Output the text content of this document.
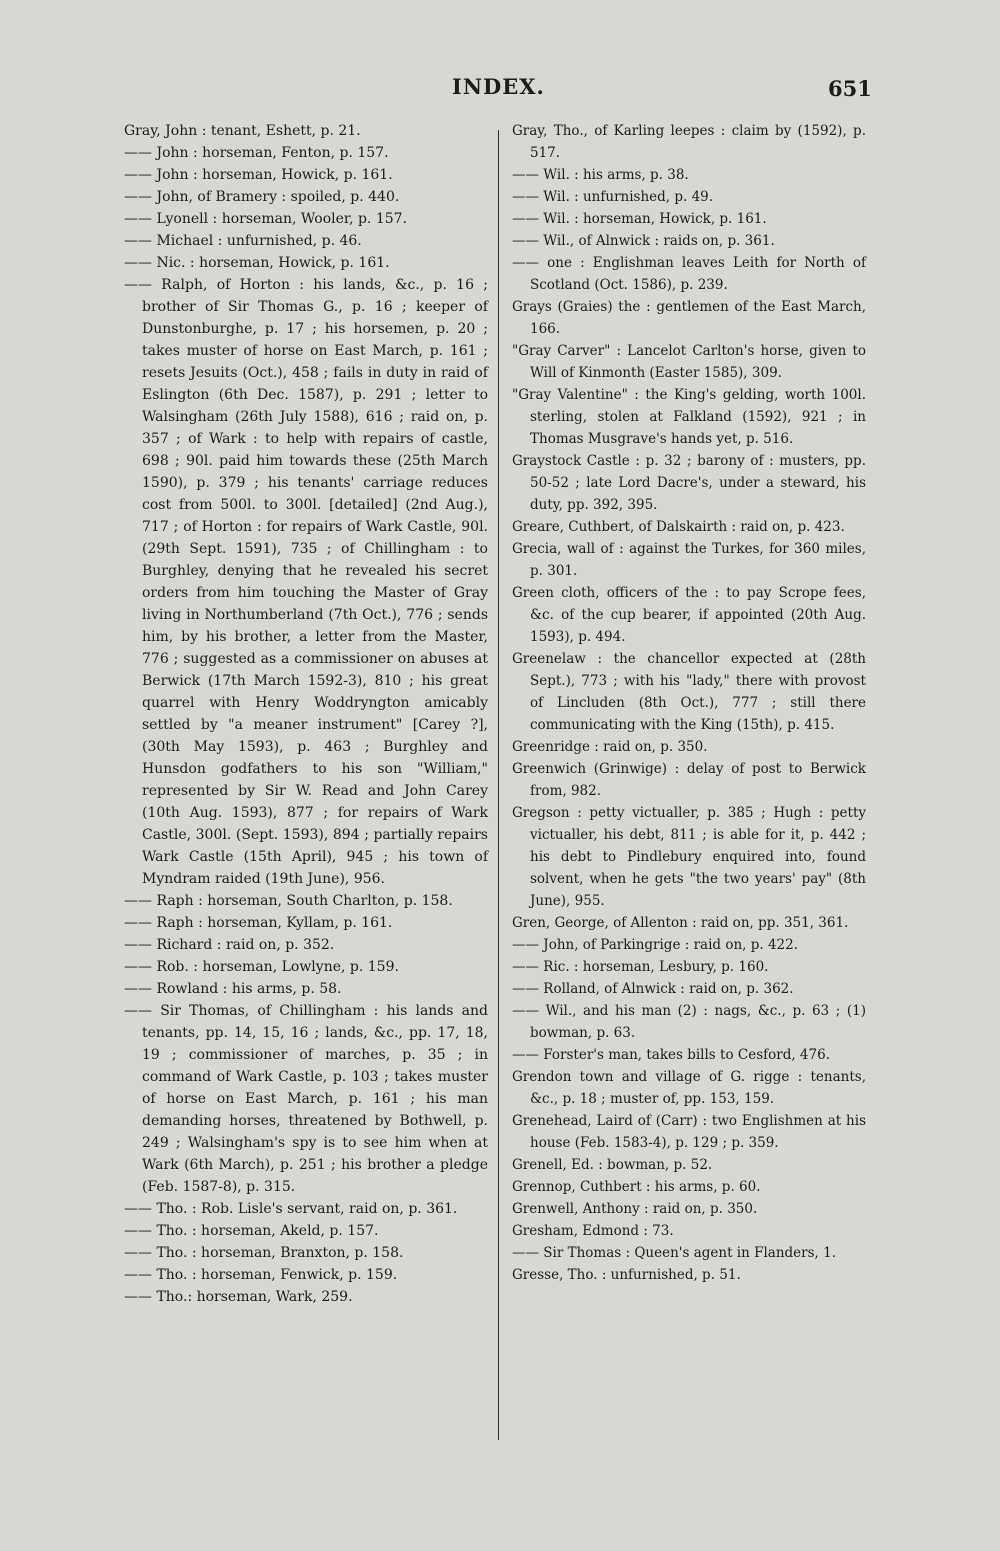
INDEX.	651

Gray, John : tenant, Eshett, p. 21.

—— John : horseman, Fenton, p. 157.

—— John : horseman, Howick, p. 161.

—— John, of Bramery : spoiled, p. 440.

—— Lyonell : horseman, Wooler, p. 157.

—— Michael : unfurnished, p. 46.

—— Nic. : horseman, Howick, p. 161.

—— Ralph, of Horton : his lands, &c., p. 16 ; brother of Sir Thomas G., p. 16 ; keeper of Dunstonburghe, p. 17 ; his horsemen, p. 20 ; takes muster of horse on East March, p. 161 ; resets Jesuits (Oct.), 458 ; fails in duty in raid of Eslington (6th Dec. 1587), p. 291 ; letter to Walsingham (26th July 1588), 616 ; raid on, p. 357 ; of Wark : to help with repairs of castle, 698 ; 90l. paid him towards these (25th March 1590), p. 379 ; his tenants' carriage reduces cost from 500l. to 300l. [detailed] (2nd Aug.), 717 ; of Horton : for repairs of Wark Castle, 90l. (29th Sept. 1591), 735 ; of Chillingham : to Burghley, denying that he revealed his secret orders from him touching the Master of Gray living in Northumberland (7th Oct.), 776 ; sends him, by his brother, a letter from the Master, 776 ; suggested as a commissioner on abuses at Berwick (17th March 1592-3), 810 ; his great quarrel with Henry Woddryngton amicably settled by "a meaner instrument" [Carey ?], (30th May 1593), p. 463 ; Burghley and Hunsdon godfathers to his son "William," represented by Sir W. Read and John Carey (10th Aug. 1593), 877 ; for repairs of Wark Castle, 300l. (Sept. 1593), 894 ; partially repairs Wark Castle (15th April), 945 ; his town of Myndram raided (19th June), 956.

—— Raph : horseman, South Charlton, p. 158.

—— Raph : horseman, Kyllam, p. 161.

—— Richard : raid on, p. 352.

—— Rob. : horseman, Lowlyne, p. 159.

—— Rowland : his arms, p. 58.

—— Sir Thomas, of Chillingham : his lands and tenants, pp. 14, 15, 16 ; lands, &c., pp. 17, 18, 19 ; commissioner of marches, p. 35 ; in command of Wark Castle, p. 103 ; takes muster of horse on East March, p. 161 ; his man demanding horses, threatened by Bothwell, p. 249 ; Walsingham's spy is to see him when at Wark (6th March), p. 251 ; his brother a pledge (Feb. 1587-8), p. 315.

—— Tho. : Rob. Lisle's servant, raid on, p. 361.

—— Tho. : horseman, Akeld, p. 157.

—— Tho. : horseman, Branxton, p. 158.

—— Tho. : horseman, Fenwick, p. 159.

—— Tho.: horseman, Wark, 259.

Gray, Tho., of Karling leepes : claim by (1592), p. 517.

—— Wil. : his arms, p. 38.

—— Wil. : unfurnished, p. 49.

—— Wil. : horseman, Howick, p. 161.

—— Wil., of Alnwick : raids on, p. 361.

—— one : Englishman leaves Leith for North of Scotland (Oct. 1586), p. 239.

Grays (Graies) the : gentlemen of the East March, 166.

"Gray Carver" : Lancelot Carlton's horse, given to Will of Kinmonth (Easter 1585), 309.

"Gray Valentine" : the King's gelding, worth 100l. sterling, stolen at Falkland (1592), 921 ; in Thomas Musgrave's hands yet, p. 516.

Graystock Castle : p. 32 ; barony of : musters, pp. 50-52 ; late Lord Dacre's, under a steward, his duty, pp. 392, 395.

Greare, Cuthbert, of Dalskairth : raid on, p. 423.

Grecia, wall of : against the Turkes, for 360 miles, p. 301.

Green cloth, officers of the : to pay Scrope fees, &c. of the cup bearer, if appointed (20th Aug. 1593), p. 494.

Greenelaw : the chancellor expected at (28th Sept.), 773 ; with his "lady," there with provost of Lincluden (8th Oct.), 777 ; still there communicating with the King (15th), p. 415.

Greenridge : raid on, p. 350.

Greenwich (Grinwige) : delay of post to Berwick from, 982.

Gregson : petty victualler, p. 385 ; Hugh : petty victualler, his debt, 811 ; is able for it, p. 442 ; his debt to Pindlebury enquired into, found solvent, when he gets "the two years' pay" (8th June), 955.

Gren, George, of Allenton : raid on, pp. 351, 361.

—— John, of Parkingrige : raid on, p. 422.

—— Ric. : horseman, Lesbury, p. 160.

—— Rolland, of Alnwick : raid on, p. 362.

—— Wil., and his man (2) : nags, &c., p. 63 ; (1) bowman, p. 63.

—— Forster's man, takes bills to Cesford, 476.

Grendon town and village of G. rigge : tenants, &c., p. 18 ; muster of, pp. 153, 159.

Grenehead, Laird of (Carr) : two Englishmen at his house (Feb. 1583-4), p. 129 ; p. 359.

Grenell, Ed. : bowman, p. 52.

Grennop, Cuthbert : his arms, p. 60.

Grenwell, Anthony : raid on, p. 350.

Gresham, Edmond : 73.

—— Sir Thomas : Queen's agent in Flanders, 1.

Gresse, Tho. : unfurnished, p. 51.
